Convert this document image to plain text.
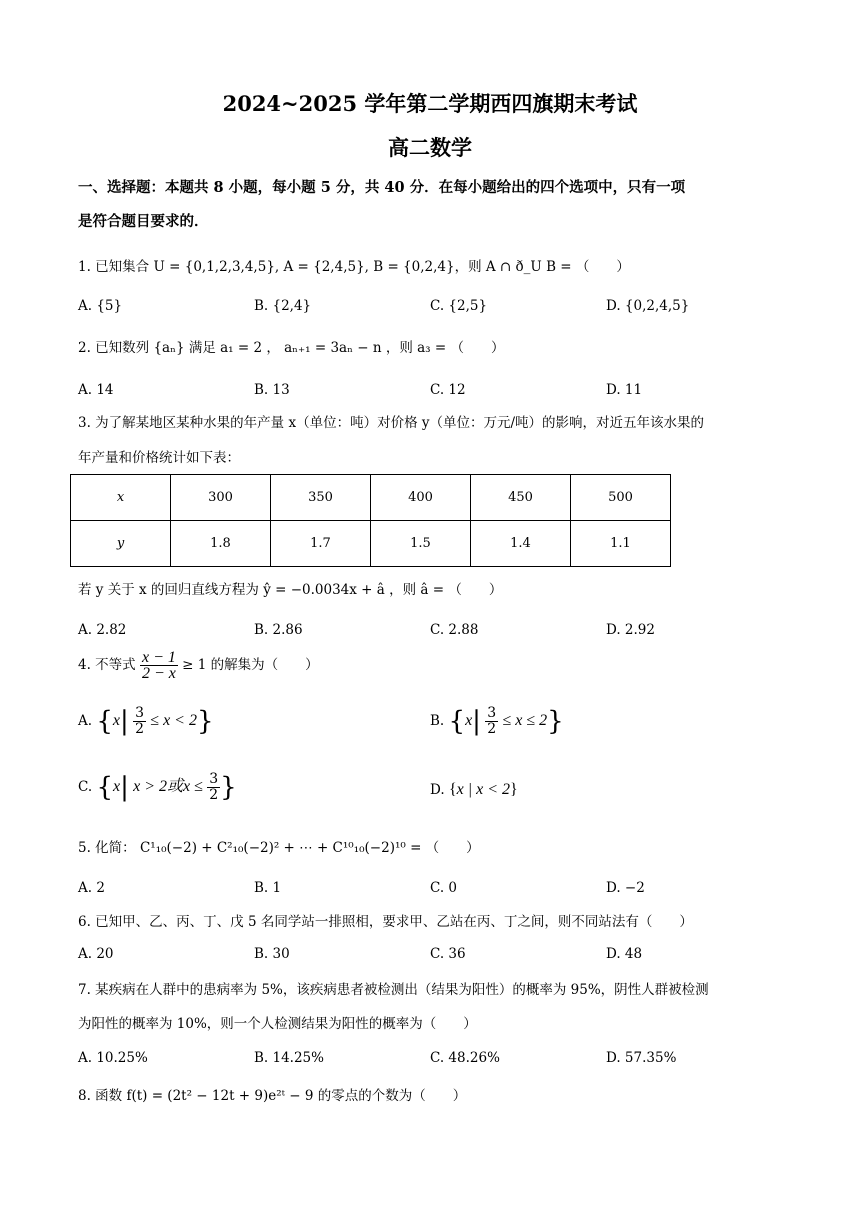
2024~2025 学年第二学期西四旗期末考试
高二数学
一、选择题：本题共 8 小题，每小题 5 分，共 40 分．在每小题给出的四个选项中，只有一项
是符合题目要求的．
1. 已知集合 U = {0,1,2,3,4,5}, A = {2,4,5}, B = {0,2,4}，则 A ∩ ð_U B = （　　）
A. {5}	B. {2,4}	C. {2,5}	D. {0,2,4,5}
2. 已知数列 {aₙ} 满足 a₁ = 2 ， aₙ₊₁ = 3aₙ − n ，则 a₃ = （　　）
A. 14	B. 13	C. 12	D. 11
3. 为了解某地区某种水果的年产量 x（单位：吨）对价格 y（单位：万元/吨）的影响，对近五年该水果的
年产量和价格统计如下表：
x	300	350	400	450	500
y	1.8	1.7	1.5	1.4	1.1
若 y 关于 x 的回归直线方程为 ŷ = −0.0034x + â ，则 â = （　　）
A. 2.82	B. 2.86	C. 2.88	D. 2.92
4. 不等式 $\frac{x - 1}{2 - x} \ge 1$ 的解集为（　　）
A. $\{x| \frac{3}{2} \le x < 2\}$	B. $\{x| \frac{3}{2} \le x \le 2\}$
C. {x| x > 2或$x \le \frac{3}{2}$ }	D. {x | x < 2}
5. 化简： C¹₁₀(−2) + C²₁₀(−2)² + ⋯ + C¹⁰₁₀(−2)¹⁰ = （　　）
A. 2	B. 1	C. 0	D. −2
6. 已知甲、乙、丙、丁、戊 5 名同学站一排照相，要求甲、乙站在丙、丁之间，则不同站法有（　　）
A. 20	B. 30	C. 36	D. 48
7. 某疾病在人群中的患病率为 5%，该疾病患者被检测出（结果为阳性）的概率为 95%，阴性人群被检测
为阳性的概率为 10%，则一个人检测结果为阳性的概率为（　　）
A. 10.25%	B. 14.25%	C. 48.26%	D. 57.35%
8. 函数 f(t) = (2t² − 12t + 9)e²ᵗ − 9 的零点的个数为（　　）
